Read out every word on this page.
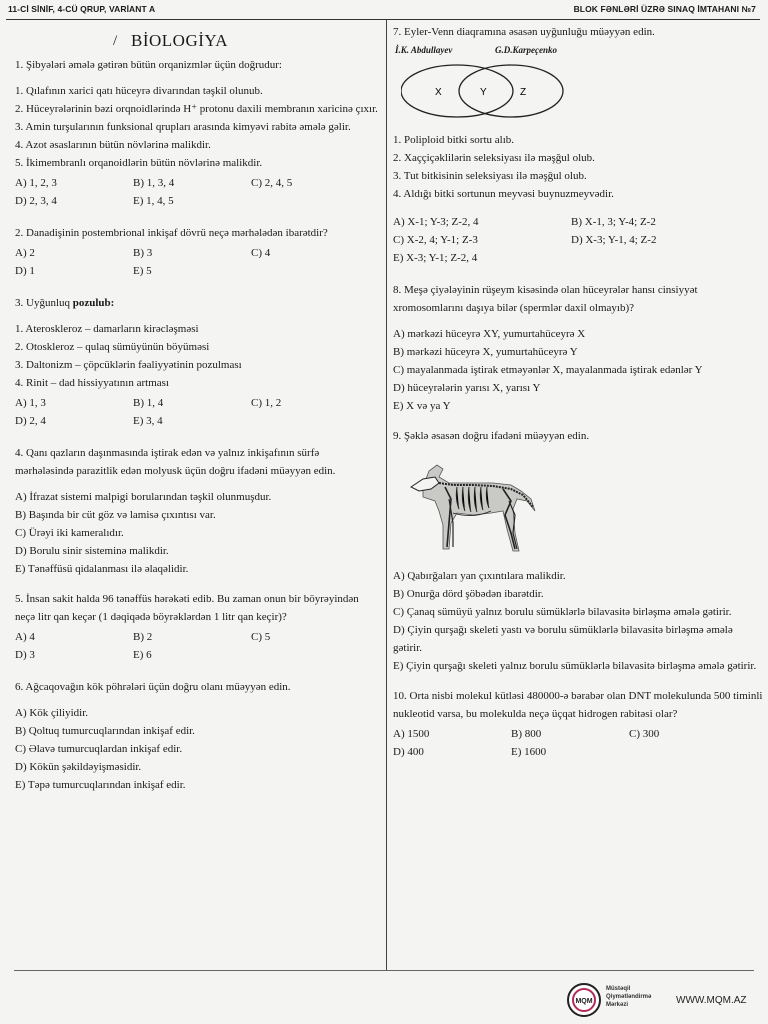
11-Cİ SİNİF, 4-CÜ QRUP, VARİANT A	BLOK FƏNLƏRİ ÜZRƏ SINAQ İMTAHANI №7
/ BİOLOGİYA

1. Şibyələri əmələ gətirən bütün orqanizmlər üçün doğrudur:

1. Qılafının xarici qatı hüceyrə divarından təşkil olunub.

2. Hüceyrələrinin bəzi orqnoidlərində H⁺ protonu daxili membranın xaricinə çıxır.

3. Amin turşularının funksional qrupları arasında kimyəvi rabitə əmələ gəlir.

4. Azot əsaslarının bütün növlərinə malikdir.

5. İkimembranlı orqanoidlərin bütün növlərinə malikdir.

A) 1, 2, 3	B) 1, 3, 4	C) 2, 4, 5
D) 2, 3, 4	E) 1, 4, 5

2. Danadişinin postembrional inkişaf dövrü neçə mərhələdən ibarətdir?

A) 2	B) 3	C) 4
D) 1	E) 5

3. Uyğunluq pozulub:

1. Ateroskleroz – damarların kirəcləşməsi

2. Otoskleroz – qulaq sümüyünün böyüməsi

3. Daltonizm – çöpcüklərin fəaliyyətinin pozulması

4. Rinit – dad hissiyyatının artması

A) 1, 3	B) 1, 4	C) 1, 2
D) 2, 4	E) 3, 4

4. Qanı qazların daşınmasında iştirak edən və yalnız inkişafının sürfə mərhələsində parazitlik edən molyusk üçün doğru ifadəni müəyyən edin.

A) İfrazat sistemi malpigi borularından təşkil olunmuşdur.

B) Başında bir cüt göz və lamisə çıxıntısı var.

C) Ürəyi iki kameralıdır.

D) Borulu sinir sisteminə malikdir.

E) Tənəffüsü qidalanması ilə əlaqəlidir.

5. İnsan sakit halda 96 tənəffüs hərəkəti edib. Bu zaman onun bir böyrəyindən neçə litr qan keçər (1 dəqiqədə böyrəklərdən 1 litr qan keçir)?

A) 4	B) 2	C) 5
D) 3	E) 6

6. Ağcaqovağın kök pöhrələri üçün doğru olanı müəyyən edin.

A) Kök çiliyidir.

B) Qoltuq tumurcuqlarından inkişaf edir.

C) Əlavə tumurcuqlardan inkişaf edir.

D) Kökün şəkildəyişməsidir.

E) Təpə tumurcuqlarından inkişaf edir.

7. Eyler-Venn diaqramına əsasən uyğunluğu müəyyən edin.

İ.K. Abdullayev	G.D.Karpeçenko
X	Y	Z

1. Poliploid bitki sortu alıb.

2. Xaççiçəklilərin seleksiyası ilə məşğul olub.

3. Tut bitkisinin seleksiyası ilə məşğul olub.

4. Aldığı bitki sortunun meyvəsi buynuzmeyvədir.

A) X-1; Y-3; Z-2, 4	B) X-1, 3; Y-4; Z-2
C) X-2, 4; Y-1; Z-3	D) X-3; Y-1, 4; Z-2
E) X-3; Y-1; Z-2, 4

8. Meşə çiyələyinin rüşeym kisəsində olan hüceyrələr hansı cinsiyyət xromosomlarını daşıya bilər (spermlər daxil olmayıb)?

A) mərkəzi hüceyrə XY, yumurtahüceyrə X

B) mərkəzi hüceyrə X, yumurtahüceyrə Y

C) mayalanmada iştirak etməyənlər X, mayalanmada iştirak edənlər Y

D) hüceyrələrin yarısı X, yarısı Y

E) X və ya Y

9. Şəklə əsasən doğru ifadəni müəyyən edin.

A) Qabırğaları yan çıxıntılara malikdir.

B) Onurğa dörd şöbədən ibarətdir.

C) Çanaq sümüyü yalnız borulu sümüklərlə bilavasitə birləşmə əmələ gətirir.

D) Çiyin qurşağı skeleti yastı və borulu sümüklərlə bilavasitə birləşmə əmələ gətirir.

E) Çiyin qurşağı skeleti yalnız borulu sümüklərlə bilavasitə birləşmə əmələ gətirir.

10. Orta nisbi molekul kütləsi 480000-ə bərabər olan DNT molekulunda 500 timinli nukleotid varsa, bu molekulda neçə üçqat hidrogen rabitəsi olar?

A) 1500	B) 800	C) 300
D) 400	E) 1600
MQM
Müstəqil
Qiymətləndirmə
Mərkəzi	WWW.MQM.AZ
